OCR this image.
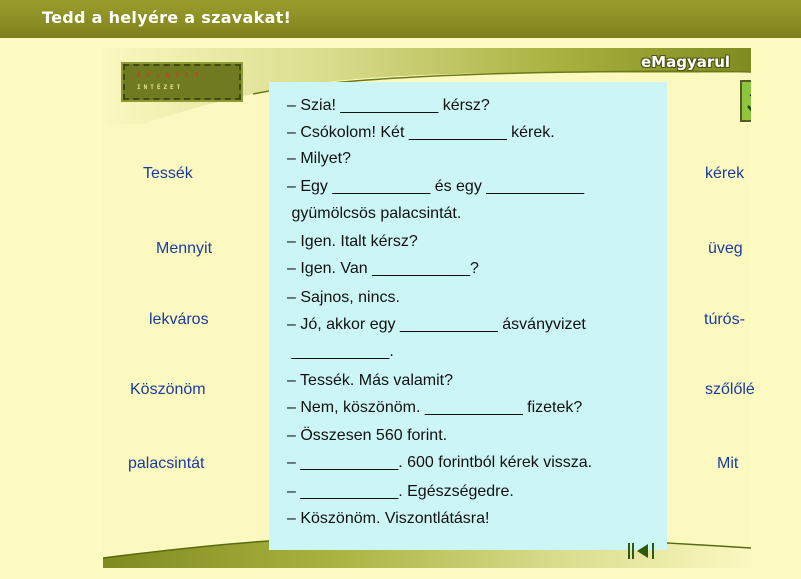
Tedd a helyére a szavakat!
BALASSI
INTÉZET
eMagyarul
– Szia! ___________ kérsz?
– Csókolom! Két ___________ kérek.
– Milyet?
– Egy ___________ és egy ___________
gyümölcsös palacsintát.
– Igen. Italt kérsz?
– Igen. Van ___________?
– Sajnos, nincs.
– Jó, akkor egy ___________ ásványvizet
___________.
– Tessék. Más valamit?
– Nem, köszönöm. ___________ fizetek?
– Összesen 560 forint.
– ___________. 600 forintból kérek vissza.
– ___________. Egészségedre.
– Köszönöm. Viszontlátásra!
Tessék
Mennyit
lekváros
Köszönöm
palacsintát
kérek
üveg
túrós-
szőlőlé
Mit
